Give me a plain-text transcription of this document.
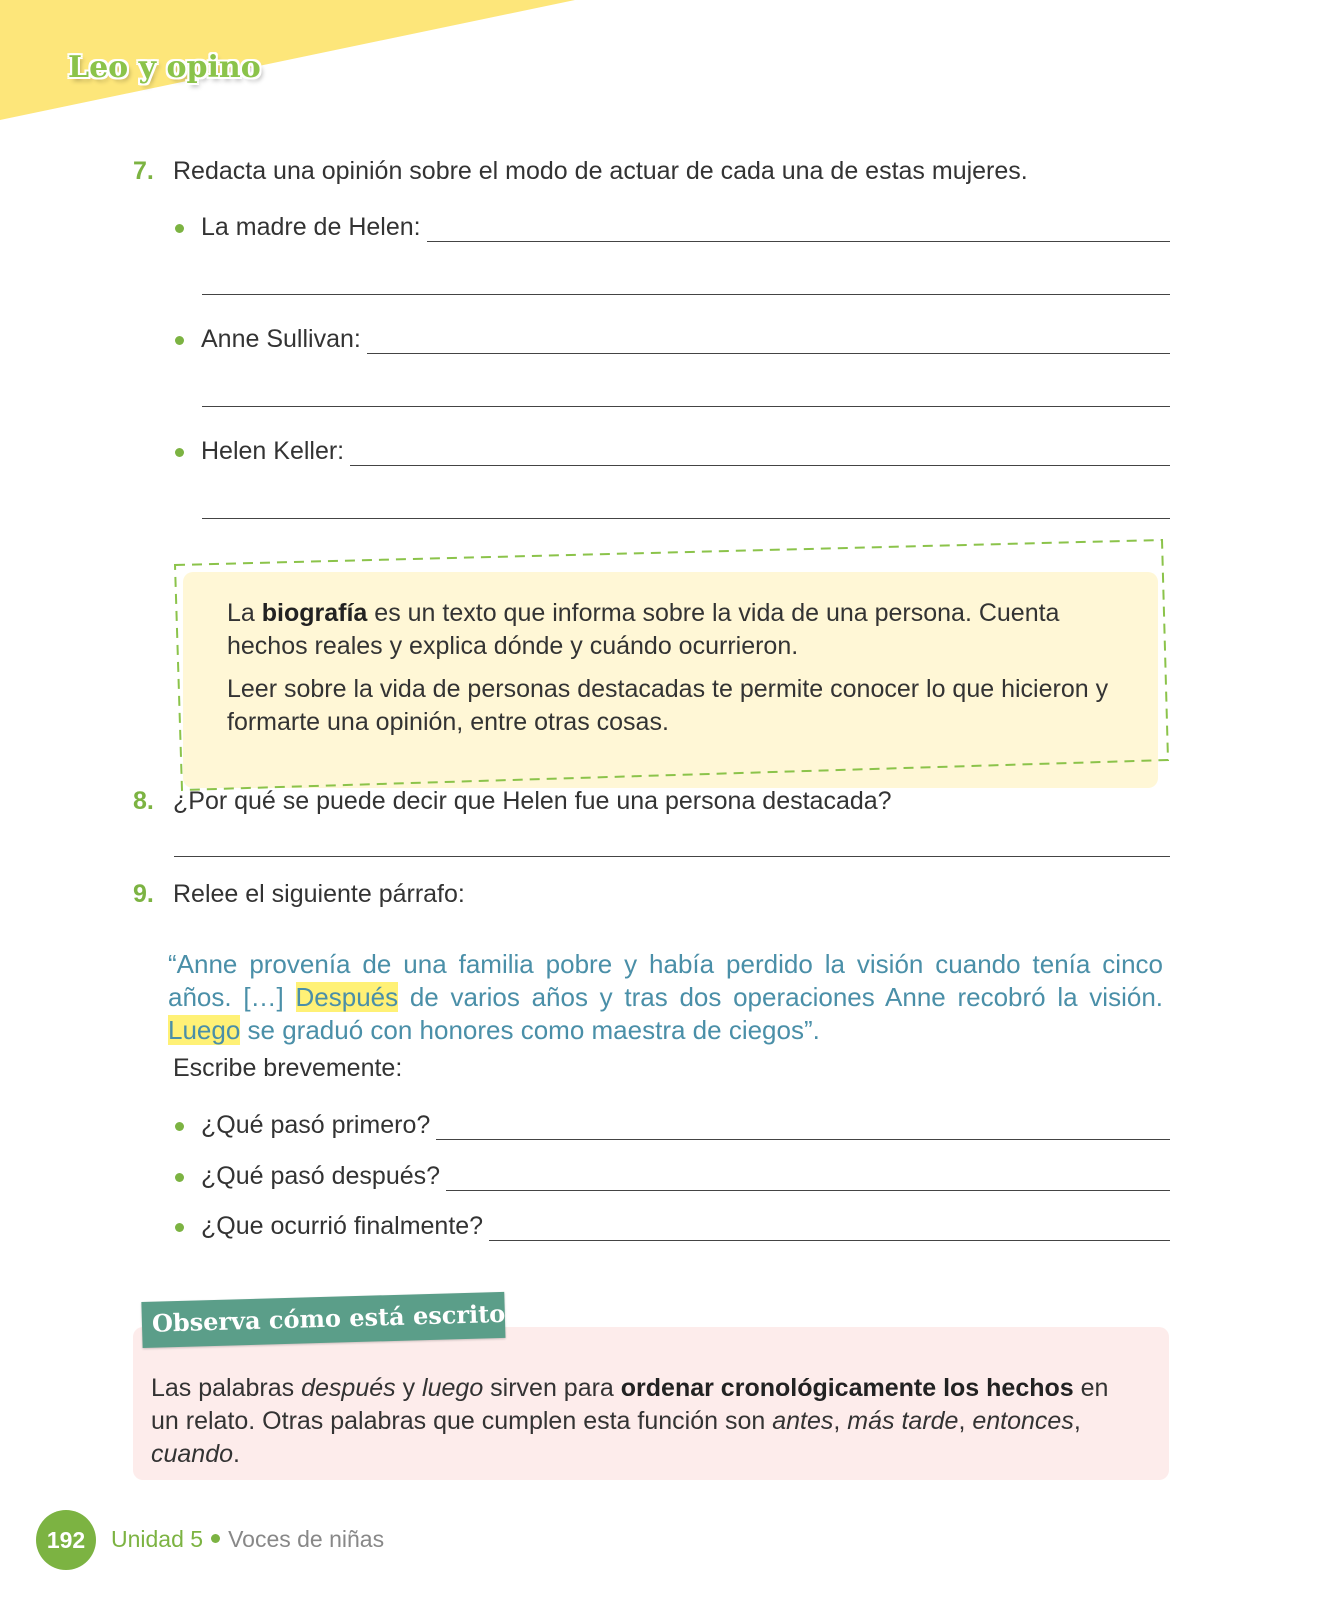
Leo y opino
7. Redacta una opinión sobre el modo de actuar de cada una de estas mujeres.
La madre de Helen:
Anne Sullivan:
Helen Keller:
La biografía es un texto que informa sobre la vida de una persona. Cuenta hechos reales y explica dónde y cuándo ocurrieron.
Leer sobre la vida de personas destacadas te permite conocer lo que hicieron y formarte una opinión, entre otras cosas.
8. ¿Por qué se puede decir que Helen fue una persona destacada?
9. Relee el siguiente párrafo:
“Anne provenía de una familia pobre y había perdido la visión cuando tenía cinco años. […] Después de varios años y tras dos operaciones Anne recobró la visión. Luego se graduó con honores como maestra de ciegos”.
Escribe brevemente:
¿Qué pasó primero?
¿Qué pasó después?
¿Que ocurrió finalmente?
Observa cómo está escrito
Las palabras después y luego sirven para ordenar cronológicamente los hechos en un relato. Otras palabras que cumplen esta función son antes, más tarde, entonces, cuando.
192	Unidad 5 Voces de niñas
